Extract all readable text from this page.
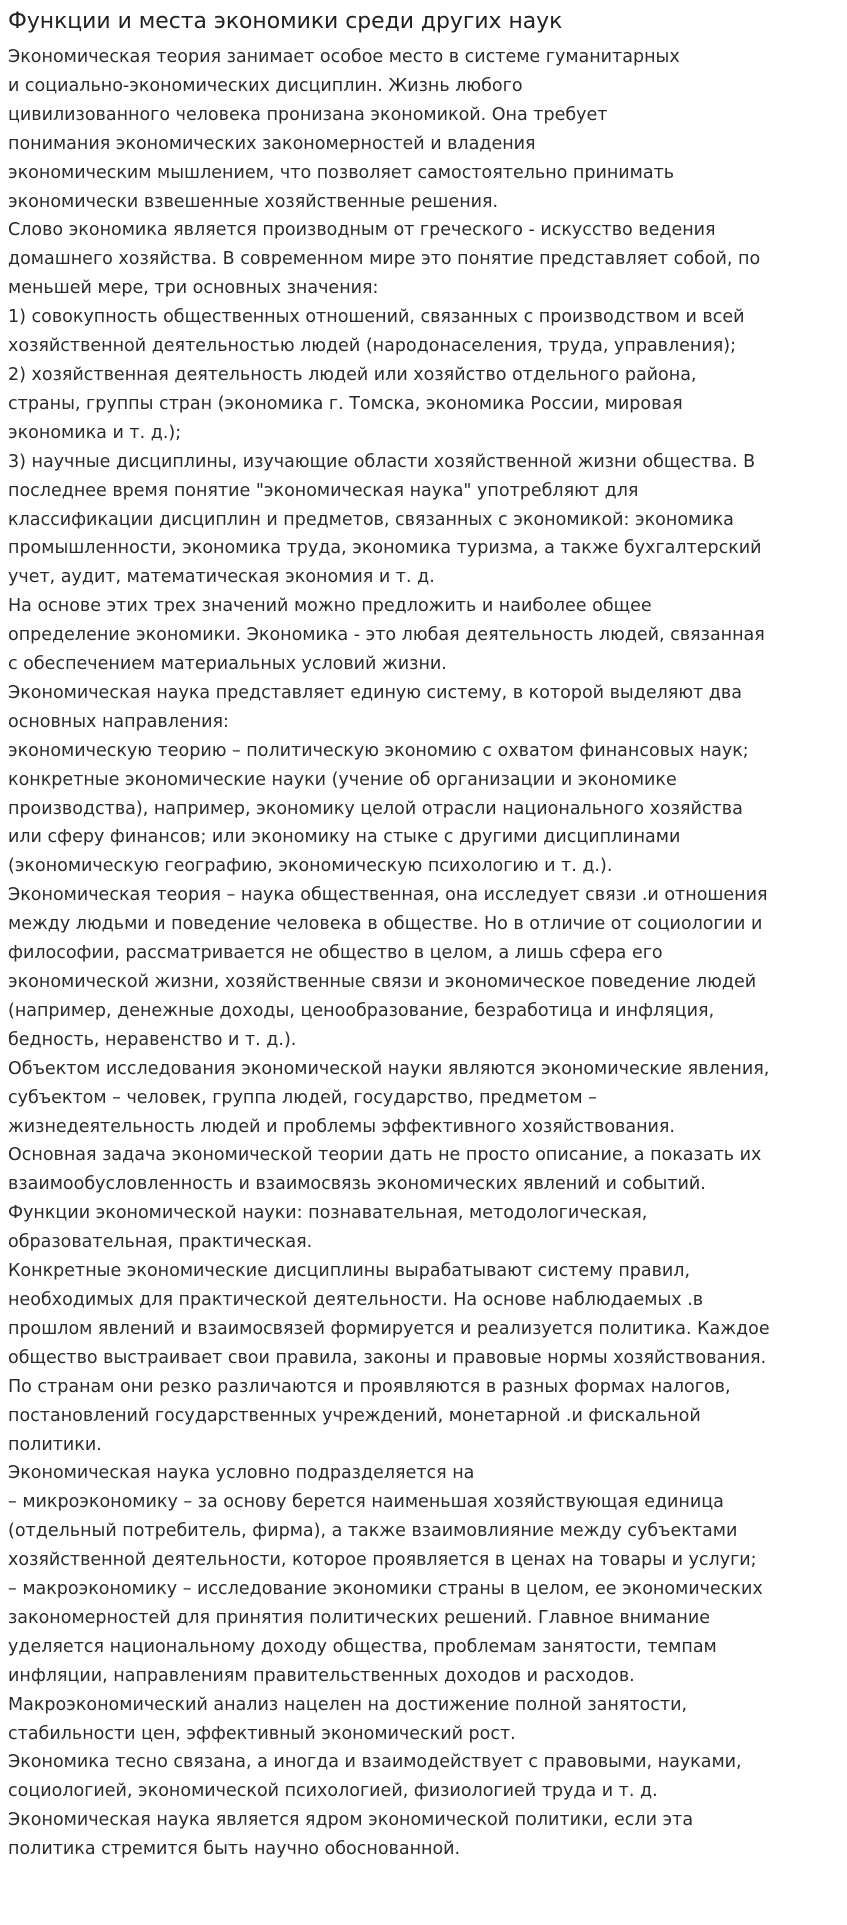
Функции и места экономики среди других наук
Экономическая теория занимает особое место в системе гуманитарных
и социально-экономических дисциплин. Жизнь любого
цивилизованного человека пронизана экономикой. Она требует
понимания экономических закономерностей и владения
экономическим мышлением, что позволяет самостоятельно принимать
экономически взвешенные хозяйственные решения.
Слово экономика является производным от греческого - искусство ведения
домашнего хозяйства. В современном мире это понятие представляет собой, по
меньшей мере, три основных значения:
1) совокупность общественных отношений, связанных с производством и всей
хозяйственной деятельностью людей (народонаселения, труда, управления);
2) хозяйственная деятельность людей или хозяйство отдельного района,
страны, группы стран (экономика г. Томска, экономика России, мировая
экономика и т. д.);
3) научные дисциплины, изучающие области хозяйственной жизни общества. В
последнее время понятие "экономическая наука" употребляют для
классификации дисциплин и предметов, связанных с экономикой: экономика
промышленности, экономика труда, экономика туризма, а также бухгалтерский
учет, аудит, математическая экономия и т. д.
На основе этих трех значений можно предложить и наиболее общее
определение экономики. Экономика - это любая деятельность людей, связанная
с обеспечением материальных условий жизни.
Экономическая наука представляет единую систему, в которой выделяют два
основных направления:
экономическую теорию – политическую экономию с охватом финансовых наук;
конкретные экономические науки (учение об организации и экономике
производства), например, экономику целой отрасли национального хозяйства
или сферу финансов; или экономику на стыке с другими дисциплинами
(экономическую географию, экономическую психологию и т. д.).
Экономическая теория – наука общественная, она исследует связи .и отношения
между людьми и поведение человека в обществе. Но в отличие от социологии и
философии, рассматривается не общество в целом, а лишь сфера его
экономической жизни, хозяйственные связи и экономическое поведение людей
(например, денежные доходы, ценообразование, безработица и инфляция,
бедность, неравенство и т. д.).
Объектом исследования экономической науки являются экономические явления,
субъектом – человек, группа людей, государство, предметом –
жизнедеятельность людей и проблемы эффективного хозяйствования.
Основная задача экономической теории дать не просто описание, а показать их
взаимообусловленность и взаимосвязь экономических явлений и событий.
Функции экономической науки: познавательная, методологическая,
образовательная, практическая.
Конкретные экономические дисциплины вырабатывают систему правил,
необходимых для практической деятельности. На основе наблюдаемых .в
прошлом явлений и взаимосвязей формируется и реализуется политика. Каждое
общество выстраивает свои правила, законы и правовые нормы хозяйствования.
По странам они резко различаются и проявляются в разных формах налогов,
постановлений государственных учреждений, монетарной .и фискальной
политики.
Экономическая наука условно подразделяется на
– микроэкономику – за основу берется наименьшая хозяйствующая единица
(отдельный потребитель, фирма), а также взаимовлияние между субъектами
хозяйственной деятельности, которое проявляется в ценах на товары и услуги;
– макроэкономику – исследование экономики страны в целом, ее экономических
закономерностей для принятия политических решений. Главное внимание
уделяется национальному доходу общества, проблемам занятости, темпам
инфляции, направлениям правительственных доходов и расходов.
Макроэкономический анализ нацелен на достижение полной занятости,
стабильности цен, эффективный экономический рост.
Экономика тесно связана, а иногда и взаимодействует с правовыми, науками,
социологией, экономической психологией, физиологией труда и т. д.
Экономическая наука является ядром экономической политики, если эта
политика стремится быть научно обоснованной.
